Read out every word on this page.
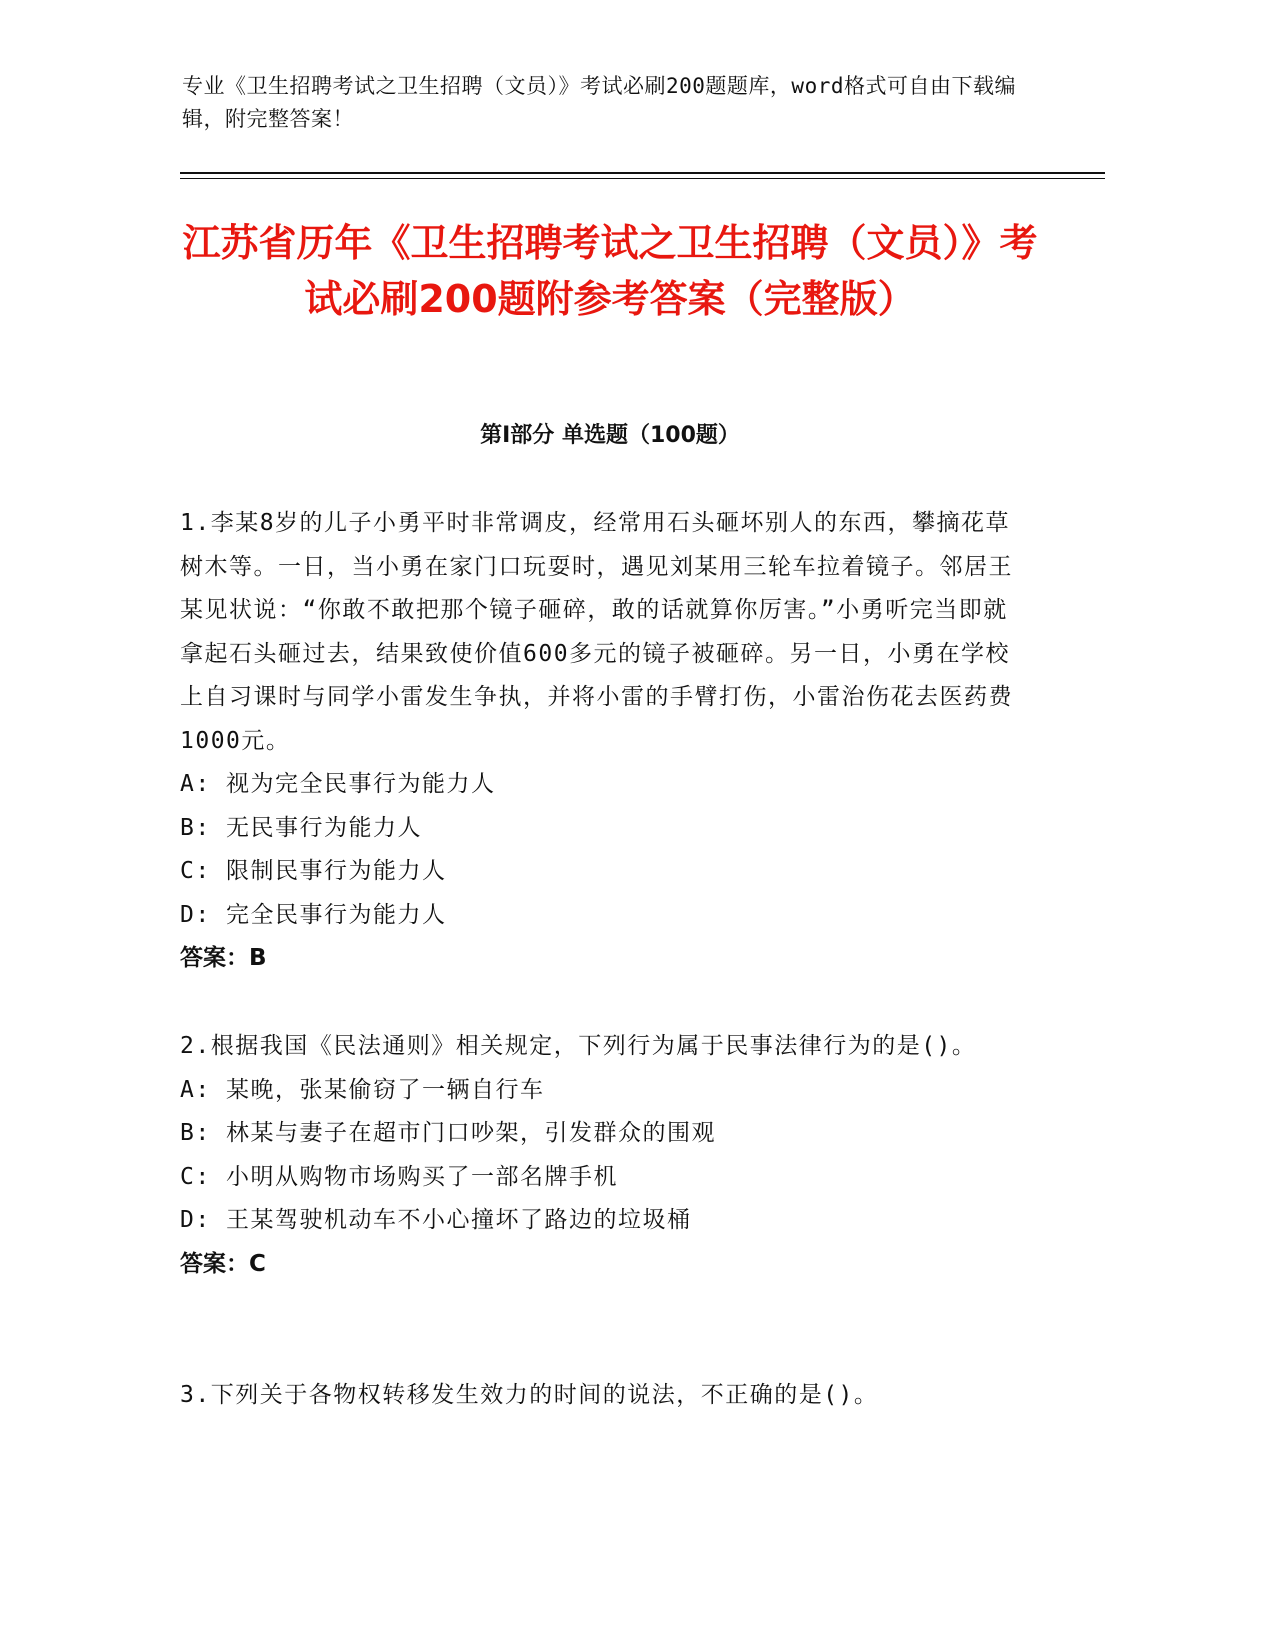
专业《卫生招聘考试之卫生招聘（文员）》考试必刷200题题库，word格式可自由下载编辑，附完整答案！
江苏省历年《卫生招聘考试之卫生招聘（文员）》考试必刷200题附参考答案（完整版）
第I部分 单选题（100题）

1.李某8岁的儿子小勇平时非常调皮，经常用石头砸坏别人的东西，攀摘花草树木等。一日，当小勇在家门口玩耍时，遇见刘某用三轮车拉着镜子。邻居王某见状说：“你敢不敢把那个镜子砸碎，敢的话就算你厉害。”小勇听完当即就拿起石头砸过去，结果致使价值600多元的镜子被砸碎。另一日，小勇在学校上自习课时与同学小雷发生争执，并将小雷的手臂打伤，小雷治伤花去医药费1000元。

A: 视为完全民事行为能力人

B: 无民事行为能力人

C: 限制民事行为能力人

D: 完全民事行为能力人

答案：B

2.根据我国《民法通则》相关规定，下列行为属于民事法律行为的是()。

A: 某晚，张某偷窃了一辆自行车

B: 林某与妻子在超市门口吵架，引发群众的围观

C: 小明从购物市场购买了一部名牌手机

D: 王某驾驶机动车不小心撞坏了路边的垃圾桶

答案：C

3.下列关于各物权转移发生效力的时间的说法，不正确的是()。
